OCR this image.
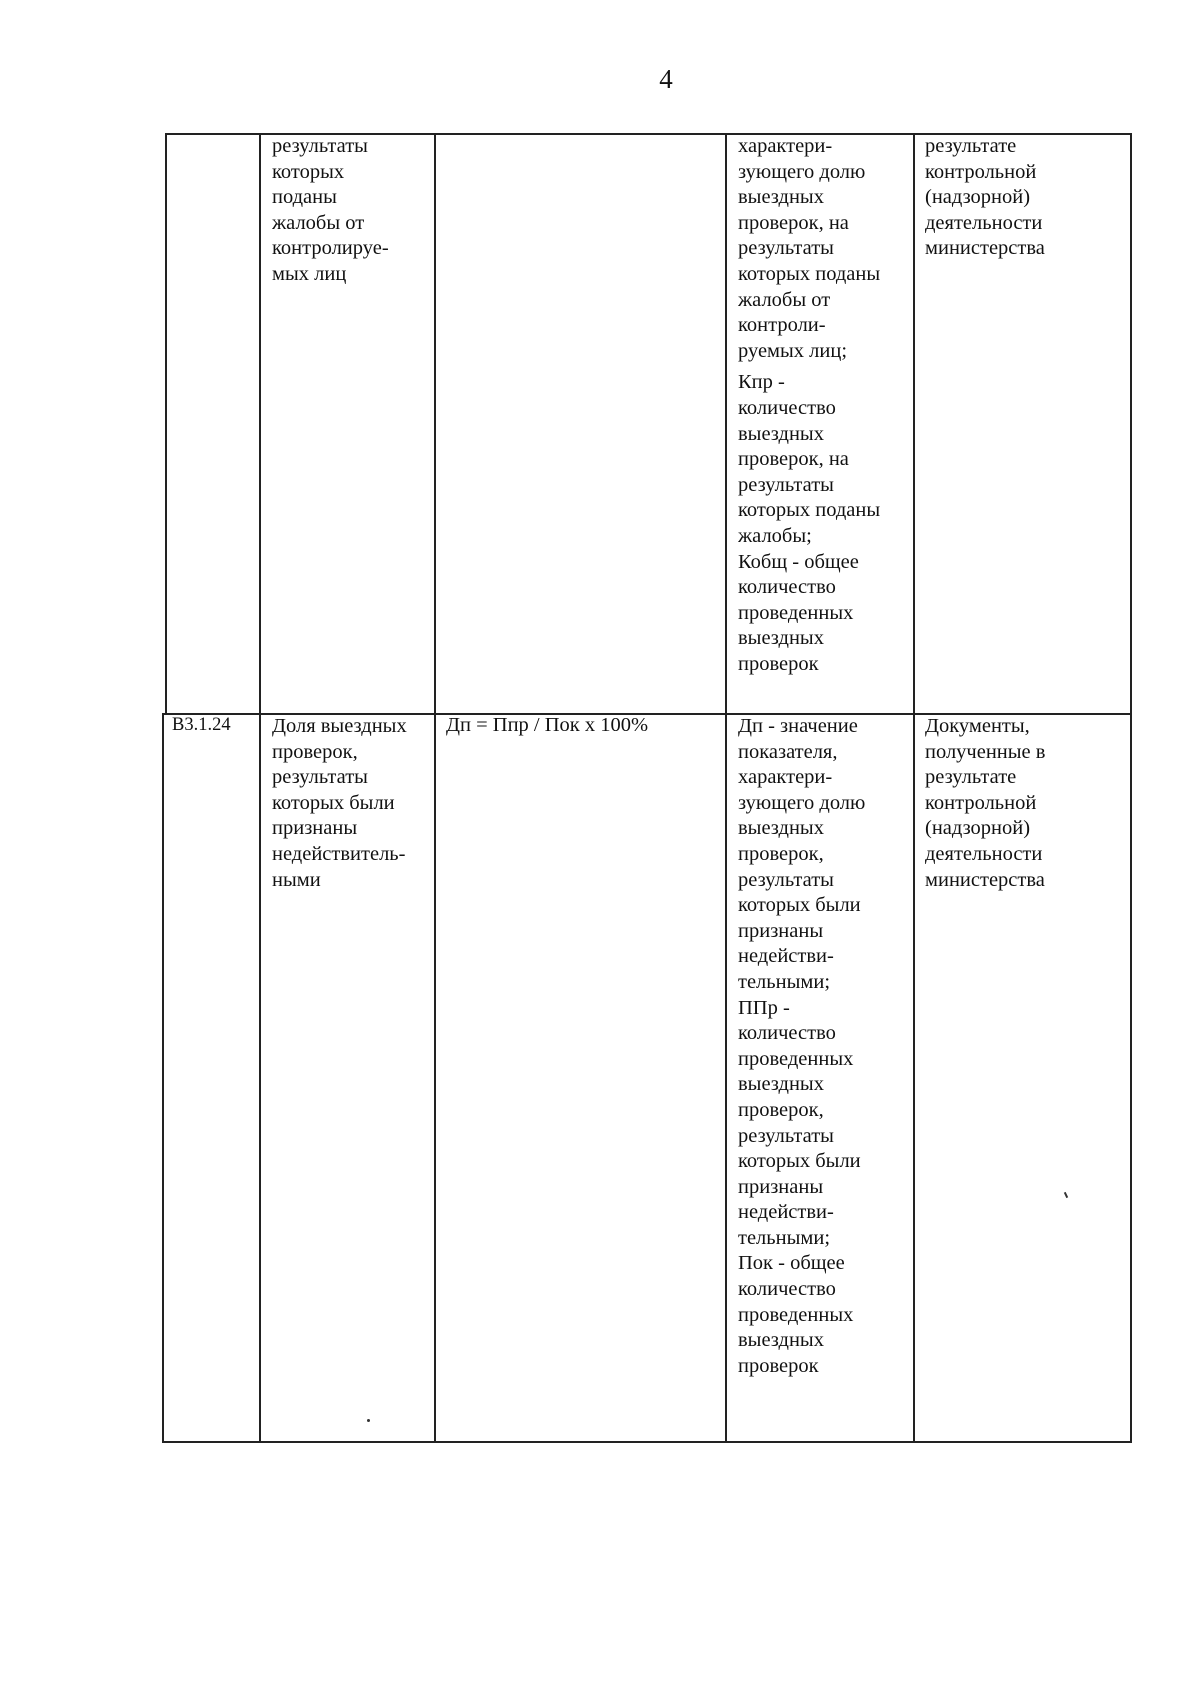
4

результаты
которых
поданы
жалобы от
контролируе-
мых лиц

характери-
зующего долю
выездных
проверок, на
результаты
которых поданы
жалобы от
контроли-
руемых лиц;

Кпр -
количество
выездных
проверок, на
результаты
которых поданы
жалобы;
Кобщ - общее
количество
проведенных
выездных
проверок

результате
контрольной
(надзорной)
деятельности
министерства

В3.1.24	Доля выездных
проверок,
результаты
которых были
признаны
недействитель-
ными

Дп = Ппр / Пок x 100%	Дп - значение
показателя,
характери-
зующего долю
выездных
проверок,
результаты
которых были
признаны
недействи-
тельными;
ППр -
количество
проведенных
выездных
проверок,
результаты
которых были
признаны
недействи-
тельными;
Пок - общее
количество
проведенных
выездных
проверок

Документы,
полученные в
результате
контрольной
(надзорной)
деятельности
министерства
